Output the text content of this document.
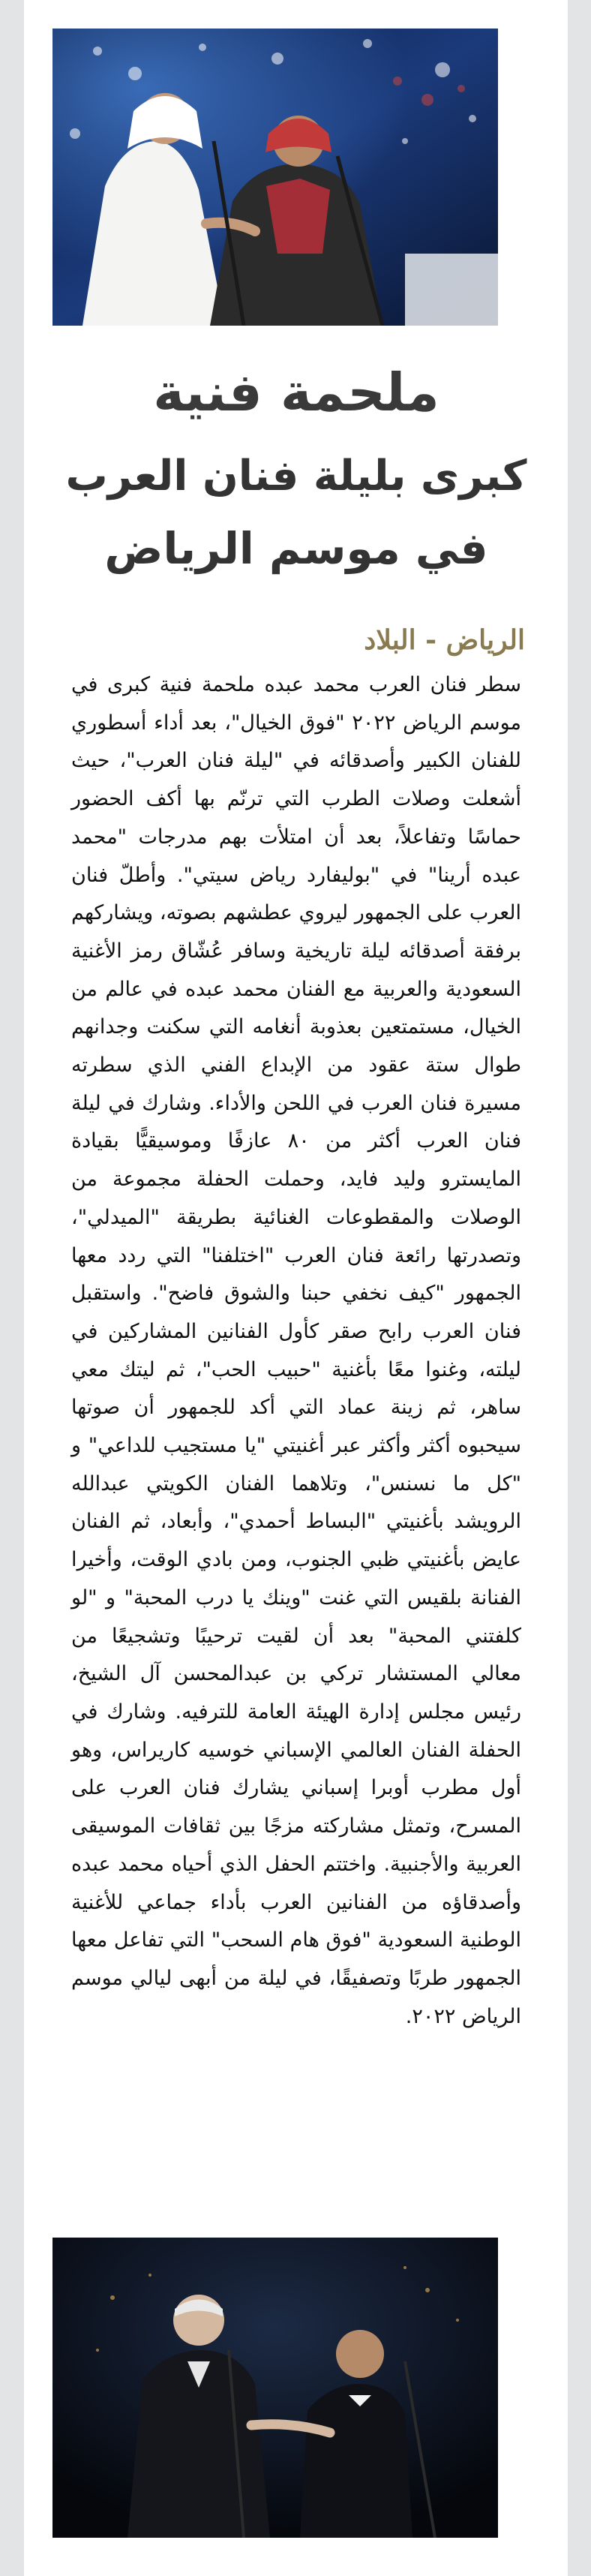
ملحمة فنية
كبرى بليلة فنان العرب
في موسم الرياض
الرياض - البلاد

سطر فنان العرب محمد عبده ملحمة فنية كبرى في موسم الرياض ٢٠٢٢ "فوق الخيال"، بعد أداء أسطوري للفنان الكبير وأصدقائه في "ليلة فنان العرب"، حيث أشعلت وصلات الطرب التي ترنّم بها أكف الحضور حماسًا وتفاعلاً، بعد أن امتلأت بهم مدرجات "محمد عبده أرينا" في "بوليفارد رياض سيتي". وأطلّ فنان العرب على الجمهور ليروي عطشهم بصوته، ويشاركهم برفقة أصدقائه ليلة تاريخية وسافر عُشّاق رمز الأغنية السعودية والعربية مع الفنان محمد عبده في عالم من الخيال، مستمتعين بعذوبة أنغامه التي سكنت وجدانهم طوال ستة عقود من الإبداع الفني الذي سطرته مسيرة فنان العرب في اللحن والأداء. وشارك في ليلة فنان العرب أكثر من ٨٠ عازفًا وموسيقيًّا بقيادة المايسترو وليد فايد، وحملت الحفلة مجموعة من الوصلات والمقطوعات الغنائية بطريقة "الميدلي"، وتصدرتها رائعة فنان العرب "اختلفنا" التي ردد معها الجمهور "كيف نخفي حبنا والشوق فاضح". واستقبل فنان العرب رابح صقر كأول الفنانين المشاركين في ليلته، وغنوا معًا بأغنية "حبيب الحب"، ثم ليتك معي ساهر، ثم زينة عماد التي أكد للجمهور أن صوتها سيحبوه أكثر وأكثر عبر أغنيتي "يا مستجيب للداعي" و "كل ما نسنس"، وتلاهما الفنان الكويتي عبدالله الرويشد بأغنيتي "البساط أحمدي"، وأبعاد، ثم الفنان عايض بأغنيتي ظبي الجنوب، ومن بادي الوقت، وأخيرا الفنانة بلقيس التي غنت "وينك يا درب المحبة" و "لو كلفتني المحبة" بعد أن لقيت ترحيبًا وتشجيعًا من معالي المستشار تركي بن عبدالمحسن آل الشيخ، رئيس مجلس إدارة الهيئة العامة للترفيه. وشارك في الحفلة الفنان العالمي الإسباني خوسيه كاريراس، وهو أول مطرب أوبرا إسباني يشارك فنان العرب على المسرح، وتمثل مشاركته مزجًا بين ثقافات الموسيقى العربية والأجنبية. واختتم الحفل الذي أحياه محمد عبده وأصدقاؤه من الفنانين العرب بأداء جماعي للأغنية الوطنية السعودية "فوق هام السحب" التي تفاعل معها الجمهور طربًا وتصفيقًا، في ليلة من أبهى ليالي موسم الرياض ٢٠٢٢.
